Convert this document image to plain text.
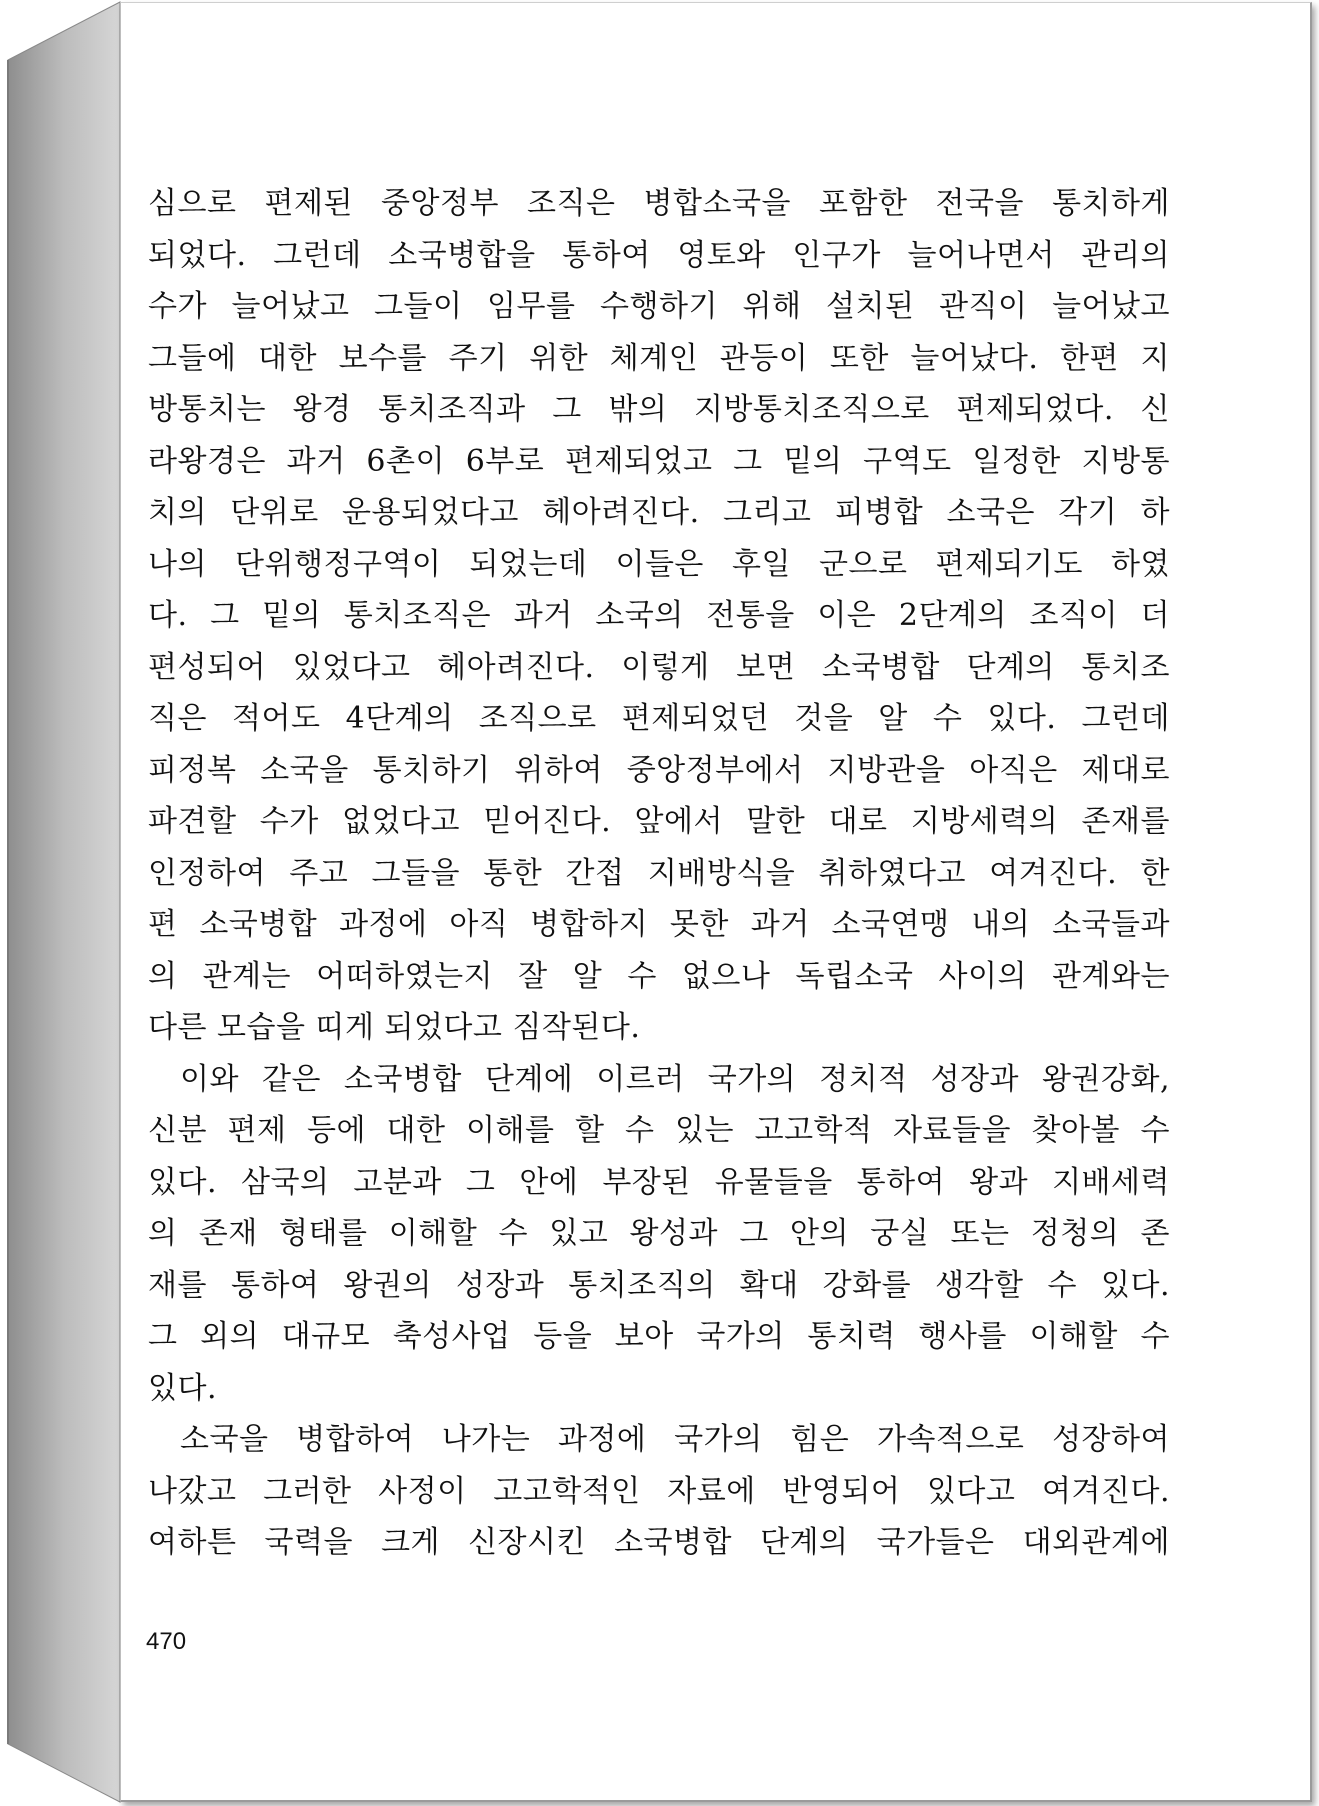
심으로 편제된 중앙정부 조직은 병합소국을 포함한 전국을 통치하게
되었다. 그런데 소국병합을 통하여 영토와 인구가 늘어나면서 관리의
수가 늘어났고 그들이 임무를 수행하기 위해 설치된 관직이 늘어났고
그들에 대한 보수를 주기 위한 체계인 관등이 또한 늘어났다. 한편 지
방통치는 왕경 통치조직과 그 밖의 지방통치조직으로 편제되었다. 신
라왕경은 과거 6촌이 6부로 편제되었고 그 밑의 구역도 일정한 지방통
치의 단위로 운용되었다고 헤아려진다. 그리고 피병합 소국은 각기 하
나의 단위행정구역이 되었는데 이들은 후일 군으로 편제되기도 하였
다. 그 밑의 통치조직은 과거 소국의 전통을 이은 2단계의 조직이 더
편성되어 있었다고 헤아려진다. 이렇게 보면 소국병합 단계의 통치조
직은 적어도 4단계의 조직으로 편제되었던 것을 알 수 있다. 그런데
피정복 소국을 통치하기 위하여 중앙정부에서 지방관을 아직은 제대로
파견할 수가 없었다고 믿어진다. 앞에서 말한 대로 지방세력의 존재를
인정하여 주고 그들을 통한 간접 지배방식을 취하였다고 여겨진다. 한
편 소국병합 과정에 아직 병합하지 못한 과거 소국연맹 내의 소국들과
의 관계는 어떠하였는지 잘 알 수 없으나 독립소국 사이의 관계와는
다른 모습을 띠게 되었다고 짐작된다.
이와 같은 소국병합 단계에 이르러 국가의 정치적 성장과 왕권강화,
신분 편제 등에 대한 이해를 할 수 있는 고고학적 자료들을 찾아볼 수
있다. 삼국의 고분과 그 안에 부장된 유물들을 통하여 왕과 지배세력
의 존재 형태를 이해할 수 있고 왕성과 그 안의 궁실 또는 정청의 존
재를 통하여 왕권의 성장과 통치조직의 확대 강화를 생각할 수 있다.
그 외의 대규모 축성사업 등을 보아 국가의 통치력 행사를 이해할 수
있다.
소국을 병합하여 나가는 과정에 국가의 힘은 가속적으로 성장하여
나갔고 그러한 사정이 고고학적인 자료에 반영되어 있다고 여겨진다.
여하튼 국력을 크게 신장시킨 소국병합 단계의 국가들은 대외관계에
470
